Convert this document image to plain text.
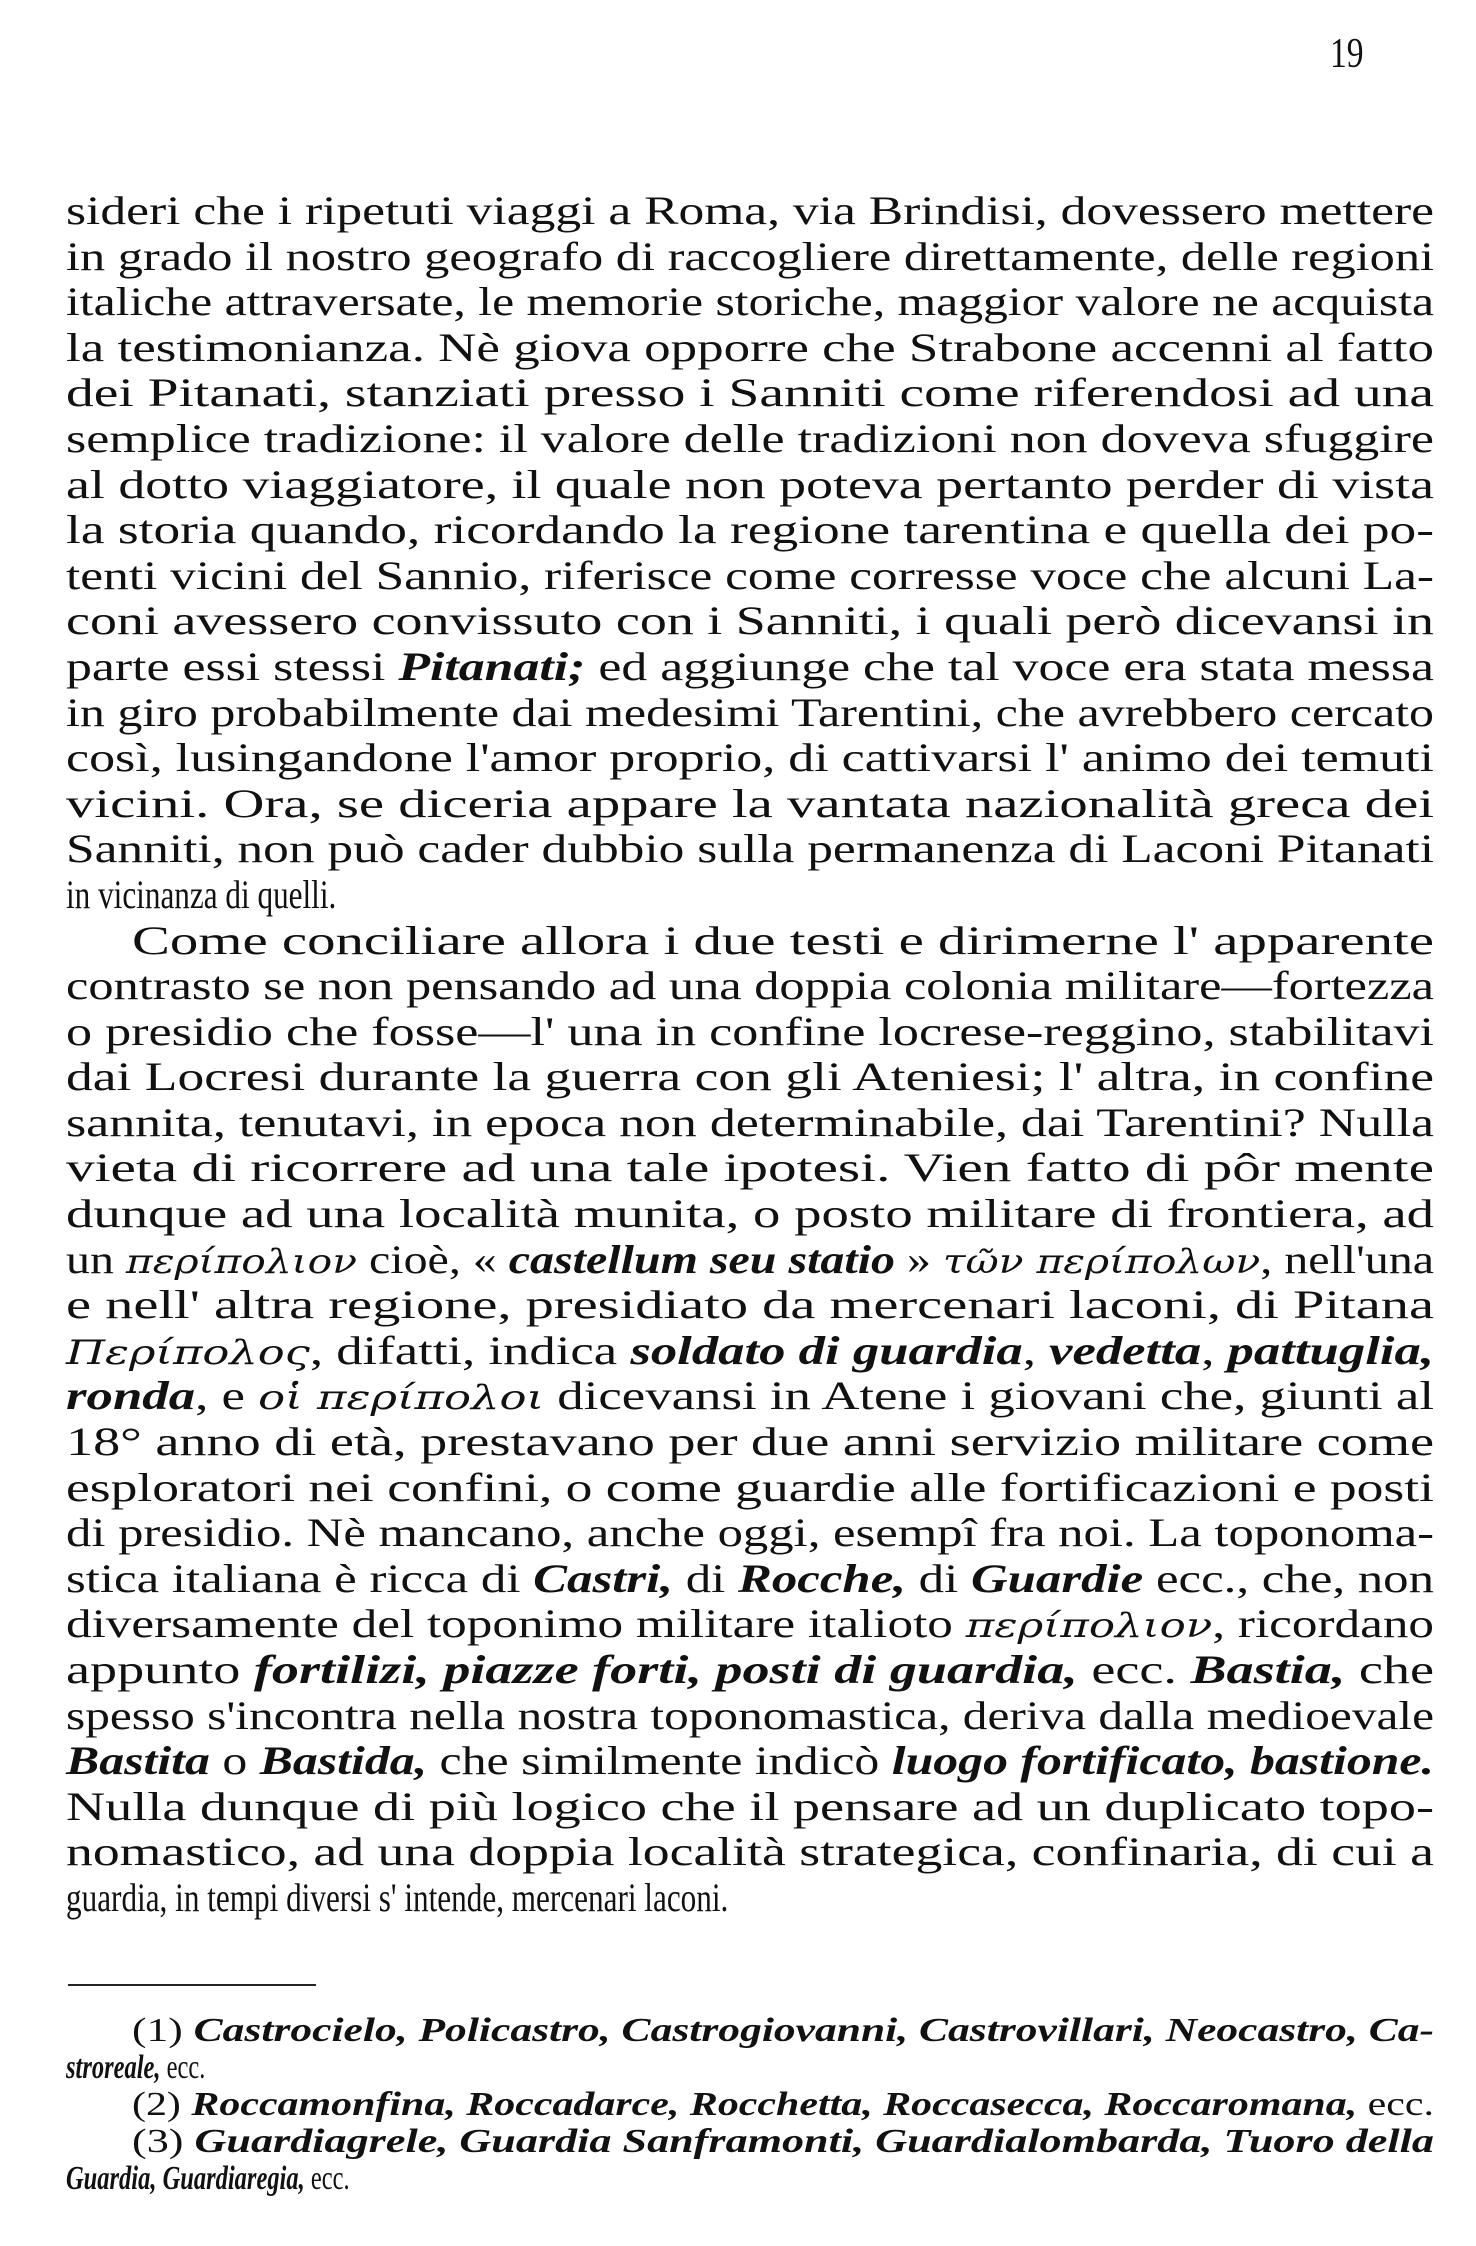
19
sideri che i ripetuti viaggi a Roma, via Brindisi, dovessero mettere
in grado il nostro geografo di raccogliere direttamente, delle regioni
italiche attraversate, le memorie storiche, maggior valore ne acquista
la testimonianza. Nè giova opporre che Strabone accenni al fatto
dei Pitanati, stanziati presso i Sanniti come riferendosi ad una
semplice tradizione: il valore delle tradizioni non doveva sfuggire
al dotto viaggiatore, il quale non poteva pertanto perder di vista
la storia quando, ricordando la regione tarentina e quella dei po-
tenti vicini del Sannio, riferisce come corresse voce che alcuni La-
coni avessero convissuto con i Sanniti, i quali però dicevansi in
parte essi stessi Pitanati; ed aggiunge che tal voce era stata messa
in giro probabilmente dai medesimi Tarentini, che avrebbero cercato
così, lusingandone l'amor proprio, di cattivarsi l' animo dei temuti
vicini. Ora, se diceria appare la vantata nazionalità greca dei
Sanniti, non può cader dubbio sulla permanenza di Laconi Pitanati
in vicinanza di quelli.
Come conciliare allora i due testi e dirimerne l' apparente
contrasto se non pensando ad una doppia colonia militare—fortezza
o presidio che fosse—l' una in confine locrese-reggino, stabilitavi
dai Locresi durante la guerra con gli Ateniesi; l' altra, in confine
sannita, tenutavi, in epoca non determinabile, dai Tarentini? Nulla
vieta di ricorrere ad una tale ipotesi. Vien fatto di pôr mente
dunque ad una località munita, o posto militare di frontiera, ad
un περίπολιον cioè, « castellum seu statio » τῶν περίπολων, nell'una
e nell' altra regione, presidiato da mercenari laconi, di Pitana
Περίπολος, difatti, indica soldato di guardia, vedetta, pattuglia,
ronda, e οἱ περίπολοι dicevansi in Atene i giovani che, giunti al
18° anno di età, prestavano per due anni servizio militare come
esploratori nei confini, o come guardie alle fortificazioni e posti
di presidio. Nè mancano, anche oggi, esempî fra noi. La toponoma-
stica italiana è ricca di Castri, di Rocche, di Guardie ecc., che, non
diversamente del toponimo militare italioto περίπολιον, ricordano
appunto fortilizi, piazze forti, posti di guardia, ecc. Bastia, che
spesso s'incontra nella nostra toponomastica, deriva dalla medioevale
Bastita o Bastida, che similmente indicò luogo fortificato, bastione.
Nulla dunque di più logico che il pensare ad un duplicato topo-
nomastico, ad una doppia località strategica, confinaria, di cui a
guardia, in tempi diversi s' intende, mercenari laconi.
(1) Castrocielo, Policastro, Castrogiovanni, Castrovillari, Neocastro, Ca-
stroreale, ecc.
(2) Roccamonfina, Roccadarce, Rocchetta, Roccasecca, Roccaromana, ecc.
(3) Guardiagrele, Guardia Sanframonti, Guardialombarda, Tuoro della
Guardia, Guardiaregia, ecc.
